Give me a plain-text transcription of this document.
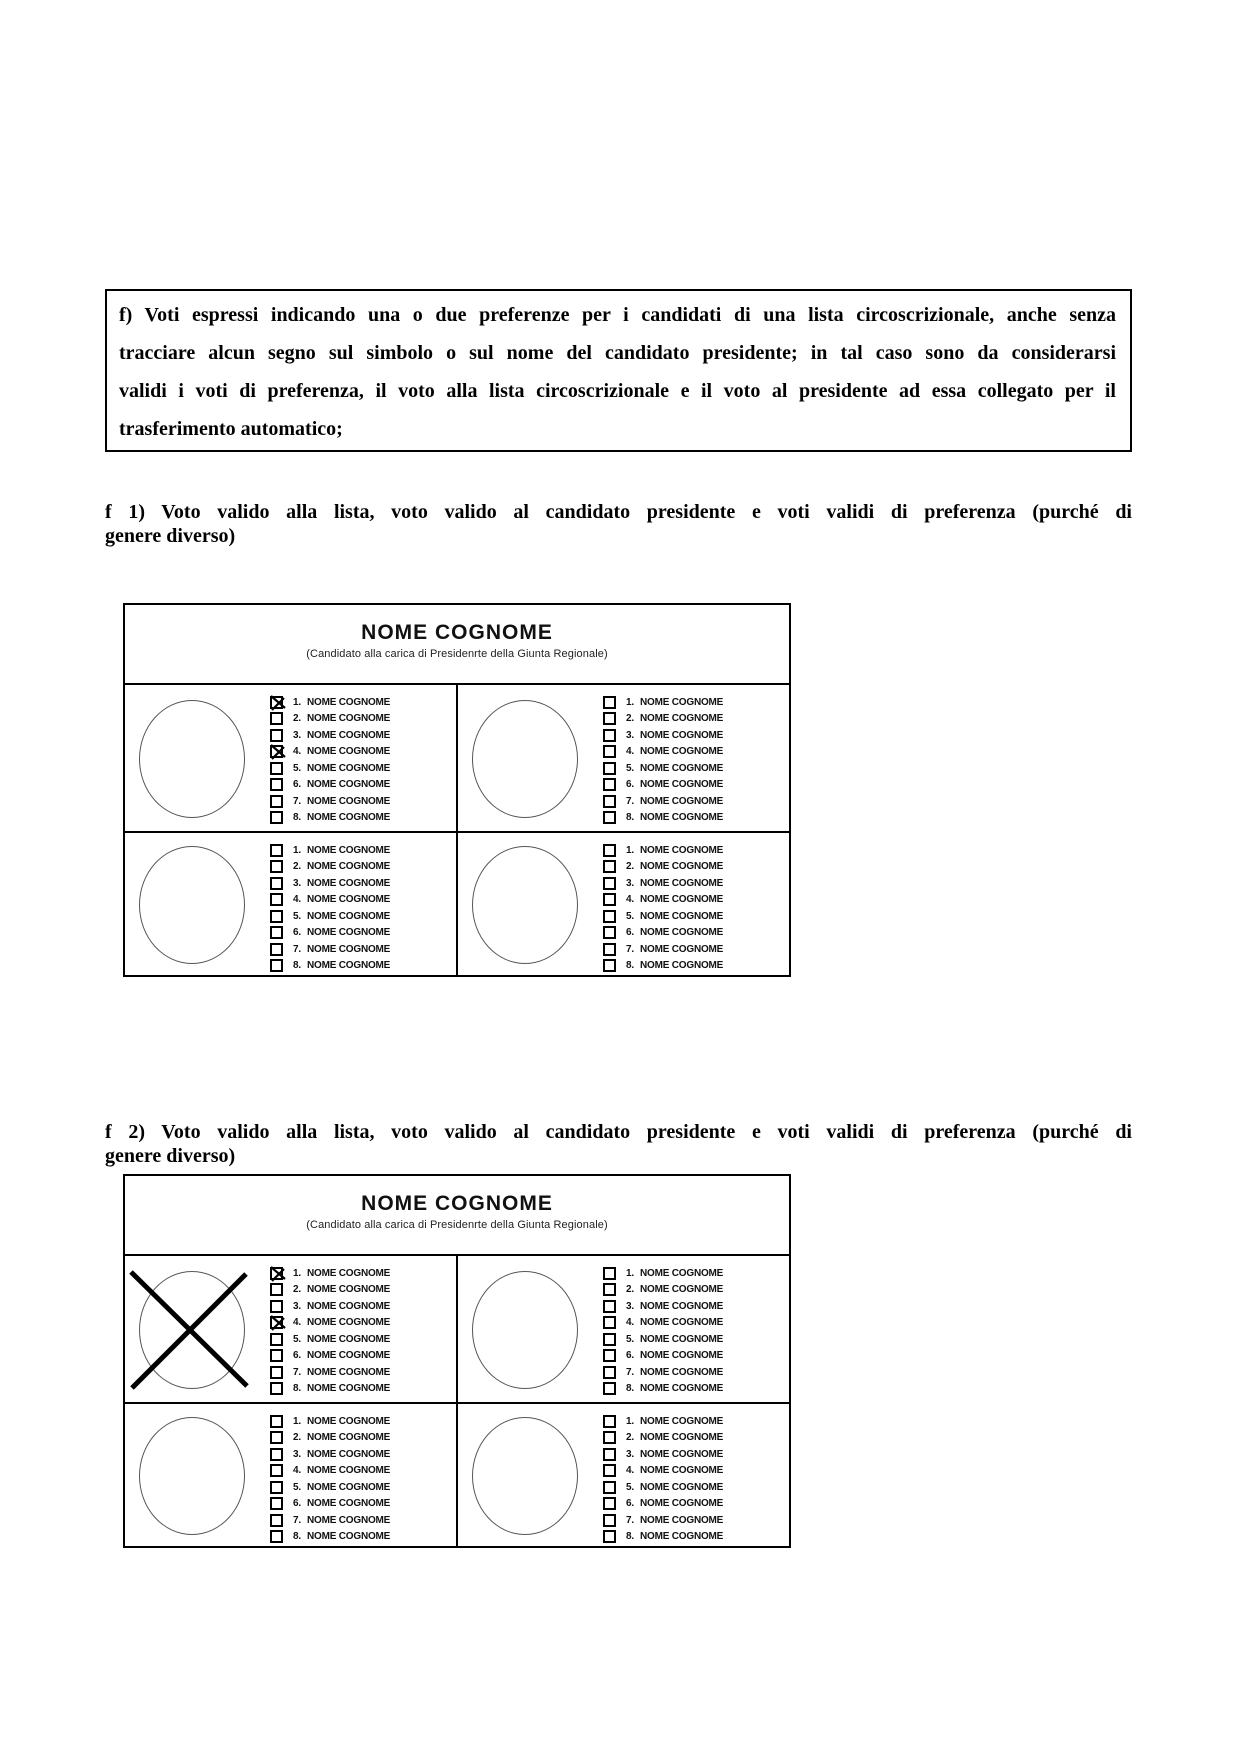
f) Voti espressi indicando una o due preferenze per i candidati di una lista circoscrizionale, anche senza
tracciare alcun segno sul simbolo o sul nome del candidato presidente; in tal caso sono da considerarsi
validi i voti di preferenza, il voto alla lista circoscrizionale e il voto al presidente ad essa collegato per il
trasferimento automatico;
f 1) Voto valido alla lista, voto valido al candidato presidente e voti validi di preferenza (purché di
genere diverso)
NOME COGNOME
(Candidato alla carica di Presidenrte della Giunta Regionale)
1. NOME COGNOME
2. NOME COGNOME
3. NOME COGNOME
4. NOME COGNOME
5. NOME COGNOME
6. NOME COGNOME
7. NOME COGNOME
8. NOME COGNOME
1. NOME COGNOME
2. NOME COGNOME
3. NOME COGNOME
4. NOME COGNOME
5. NOME COGNOME
6. NOME COGNOME
7. NOME COGNOME
8. NOME COGNOME
1. NOME COGNOME
2. NOME COGNOME
3. NOME COGNOME
4. NOME COGNOME
5. NOME COGNOME
6. NOME COGNOME
7. NOME COGNOME
8. NOME COGNOME
1. NOME COGNOME
2. NOME COGNOME
3. NOME COGNOME
4. NOME COGNOME
5. NOME COGNOME
6. NOME COGNOME
7. NOME COGNOME
8. NOME COGNOME
f 2) Voto valido alla lista, voto valido al candidato presidente e voti validi di preferenza (purché di
genere diverso)
NOME COGNOME
(Candidato alla carica di Presidenrte della Giunta Regionale)
1. NOME COGNOME
2. NOME COGNOME
3. NOME COGNOME
4. NOME COGNOME
5. NOME COGNOME
6. NOME COGNOME
7. NOME COGNOME
8. NOME COGNOME
1. NOME COGNOME
2. NOME COGNOME
3. NOME COGNOME
4. NOME COGNOME
5. NOME COGNOME
6. NOME COGNOME
7. NOME COGNOME
8. NOME COGNOME
1. NOME COGNOME
2. NOME COGNOME
3. NOME COGNOME
4. NOME COGNOME
5. NOME COGNOME
6. NOME COGNOME
7. NOME COGNOME
8. NOME COGNOME
1. NOME COGNOME
2. NOME COGNOME
3. NOME COGNOME
4. NOME COGNOME
5. NOME COGNOME
6. NOME COGNOME
7. NOME COGNOME
8. NOME COGNOME
